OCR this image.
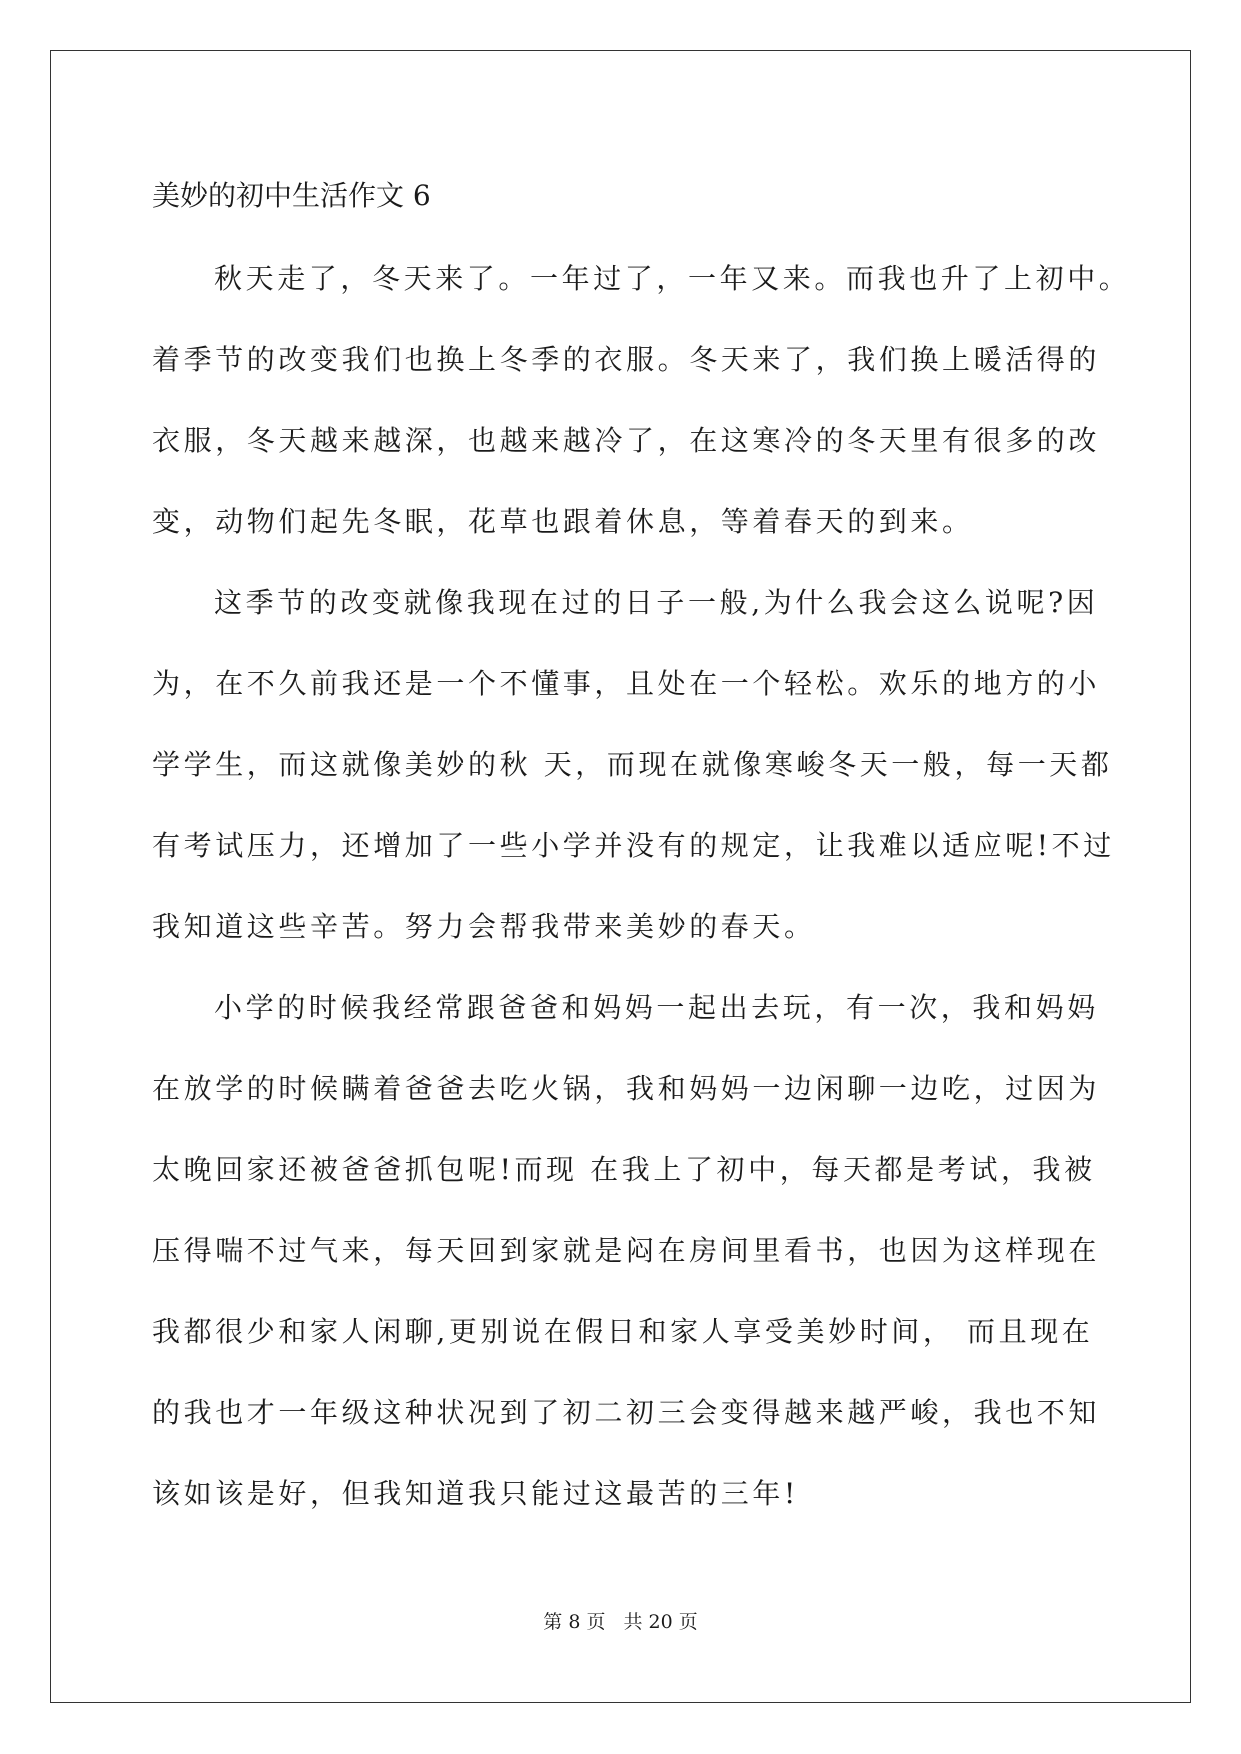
美妙的初中生活作文 6

秋天走了，冬天来了。一年过了，一年又来。而我也升了上初中。
着季节的改变我们也换上冬季的衣服。冬天来了，我们换上暖活得的
衣服，冬天越来越深，也越来越冷了，在这寒冷的冬天里有很多的改
变，动物们起先冬眠，花草也跟着休息，等着春天的到来。

这季节的改变就像我现在过的日子一般,为什么我会这么说呢?因
为，在不久前我还是一个不懂事，且处在一个轻松。欢乐的地方的小
学学生，而这就像美妙的秋 天，而现在就像寒峻冬天一般，每一天都
有考试压力，还增加了一些小学并没有的规定，让我难以适应呢!不过
我知道这些辛苦。努力会帮我带来美妙的春天。

小学的时候我经常跟爸爸和妈妈一起出去玩，有一次，我和妈妈
在放学的时候瞒着爸爸去吃火锅，我和妈妈一边闲聊一边吃，过因为
太晚回家还被爸爸抓包呢!而现 在我上了初中，每天都是考试，我被
压得喘不过气来，每天回到家就是闷在房间里看书，也因为这样现在
我都很少和家人闲聊,更别说在假日和家人享受美妙时间， 而且现在
的我也才一年级这种状况到了初二初三会变得越来越严峻，我也不知
该如该是好，但我知道我只能过这最苦的三年!

第 8 页 共 20 页
